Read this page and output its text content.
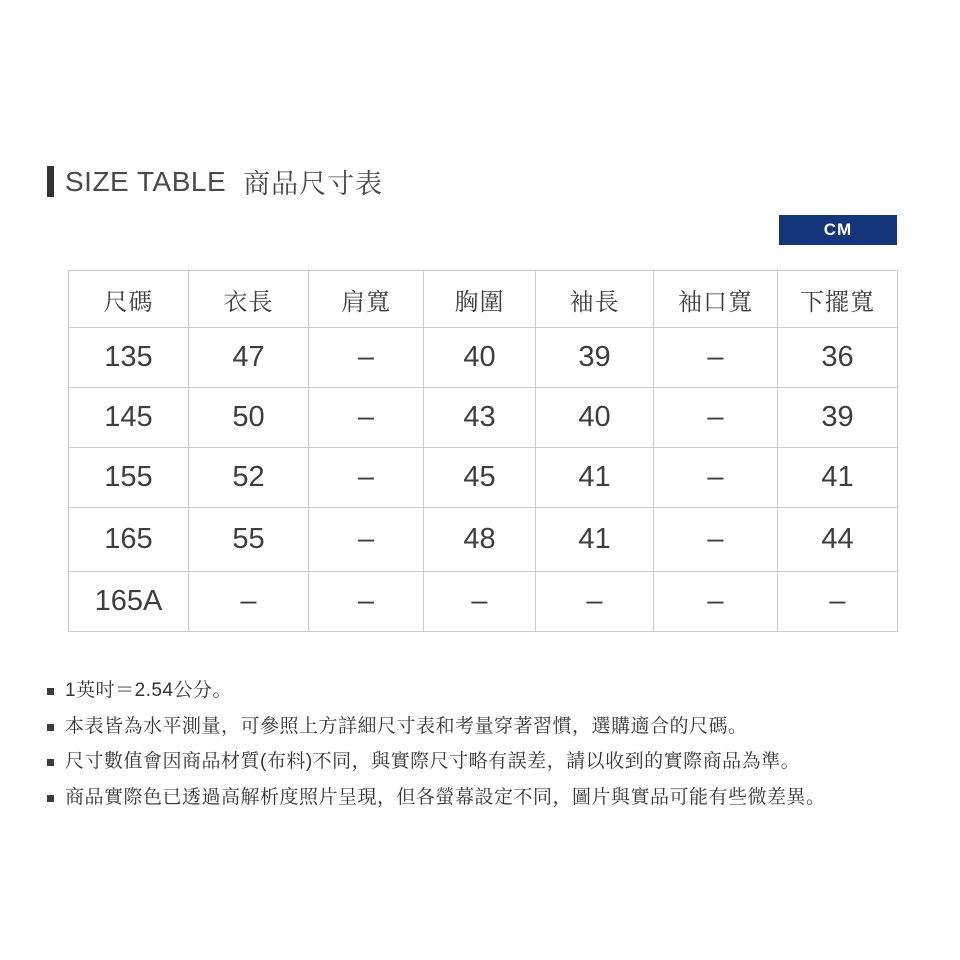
SIZE TABLE 商品尺寸表
CM
尺碼	衣長	肩寬	胸圍	袖長	袖口寬	下擺寬
135	47	–	40	39	–	36
145	50	–	43	40	–	39
155	52	–	45	41	–	41
165	55	–	48	41	–	44
165A	–	–	–	–	–	–
1英吋＝2.54公分。
本表皆為水平測量，可參照上方詳細尺寸表和考量穿著習慣，選購適合的尺碼。
尺寸數值會因商品材質(布料)不同，與實際尺寸略有誤差，請以收到的實際商品為準。
商品實際色已透過高解析度照片呈現，但各螢幕設定不同，圖片與實品可能有些微差異。
